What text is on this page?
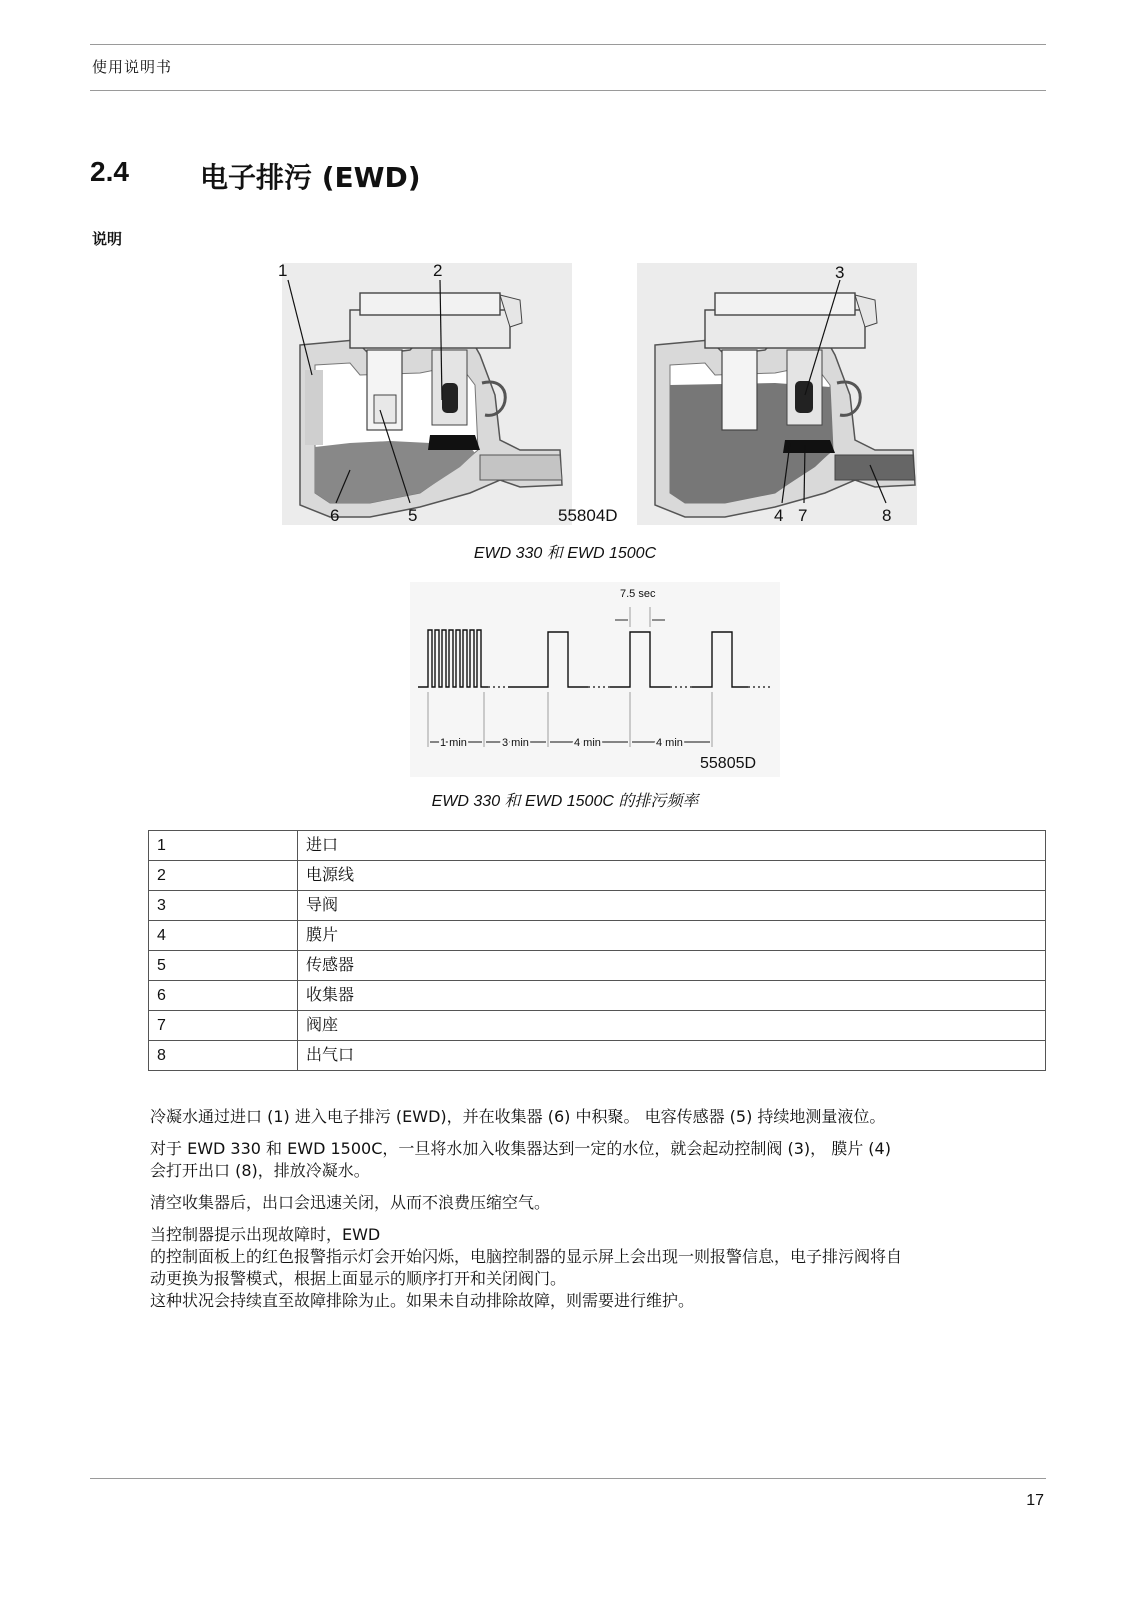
使用说明书
2.4	电子排污 (EWD)
说明
1	2	3
6	5	55804D	4 7	8
EWD 330 和 EWD 1500C
7.5 sec
1 min	3 min	4 min	4 min
55805D
EWD 330 和 EWD 1500C 的排污频率
1	进口
2	电源线
3	导阀
4	膜片
5	传感器
6	收集器
7	阀座
8	出气口

冷凝水通过进口 (1) 进入电子排污 (EWD)，并在收集器 (6) 中积聚。 电容传感器 (5) 持续地测量液位。

对于 EWD 330 和 EWD 1500C，一旦将水加入收集器达到一定的水位，就会起动控制阀 (3)， 膜片 (4)
会打开出口 (8)，排放冷凝水。

清空收集器后，出口会迅速关闭，从而不浪费压缩空气。

当控制器提示出现故障时，EWD
的控制面板上的红色报警指示灯会开始闪烁，电脑控制器的显示屏上会出现一则报警信息，电子排污阀将自
动更换为报警模式，根据上面显示的顺序打开和关闭阀门。
这种状况会持续直至故障排除为止。如果未自动排除故障，则需要进行维护。

17
